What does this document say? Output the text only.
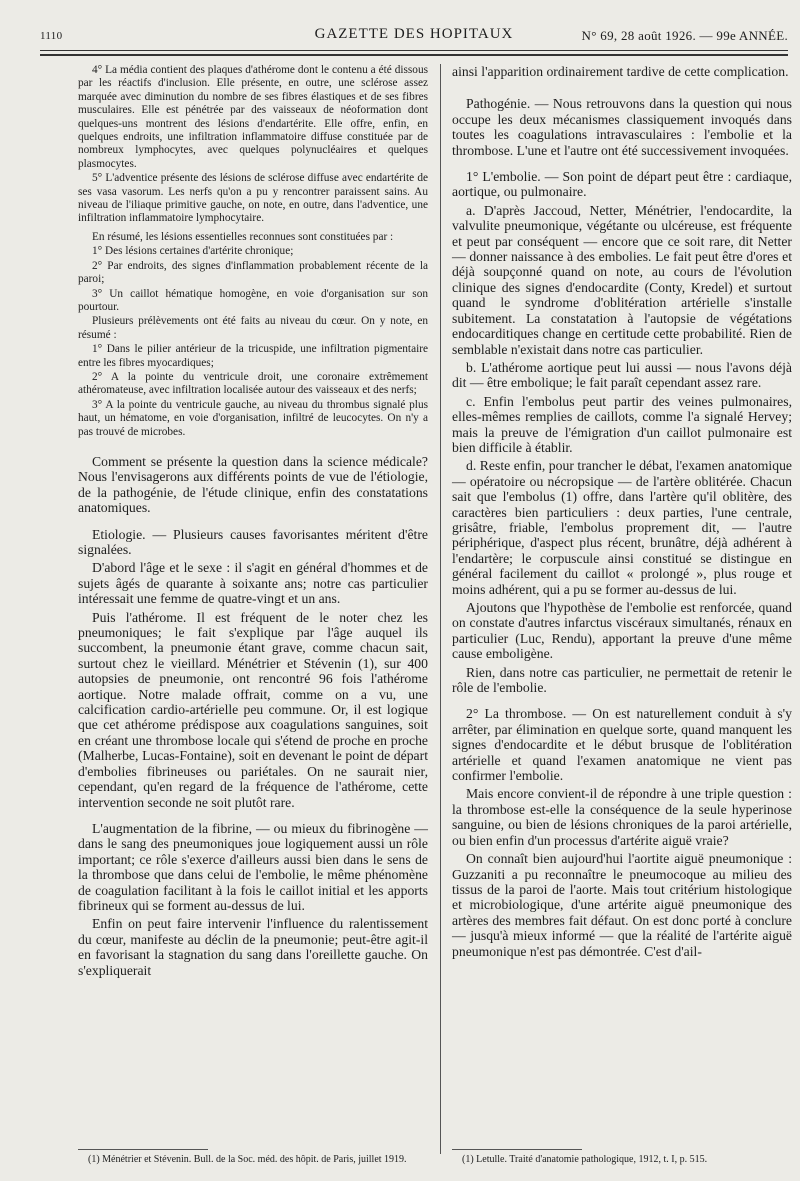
1110	GAZETTE DES HOPITAUX	N° 69, 28 août 1926. — 99e ANNÉE.

4° La média contient des plaques d'athérome dont le contenu a été dissous par les réactifs d'inclusion. Elle présente, en outre, une sclérose assez marquée avec diminution du nombre de ses fibres élastiques et de ses fibres musculaires. Elle est pénétrée par des vaisseaux de néoformation dont quelques-uns montrent des lésions d'endartérite. Elle offre, enfin, en quelques endroits, une infiltration inflammatoire diffuse constituée par de nombreux lymphocytes, avec quelques polynucléaires et quelques plasmocytes.

5° L'adventice présente des lésions de sclérose diffuse avec endartérite de ses vasa vasorum. Les nerfs qu'on a pu y rencontrer paraissent sains. Au niveau de l'iliaque primitive gauche, on note, en outre, dans l'adventice, une infiltration inflammatoire lymphocytaire.

En résumé, les lésions essentielles reconnues sont constituées par :

1° Des lésions certaines d'artérite chronique;

2° Par endroits, des signes d'inflammation probablement récente de la paroi;

3° Un caillot hématique homogène, en voie d'organisation sur son pourtour.

Plusieurs prélèvements ont été faits au niveau du cœur. On y note, en résumé :

1° Dans le pilier antérieur de la tricuspide, une infiltration pigmentaire entre les fibres myocardiques;

2° A la pointe du ventricule droit, une coronaire extrêmement athéromateuse, avec infiltration localisée autour des vaisseaux et des nerfs;

3° A la pointe du ventricule gauche, au niveau du thrombus signalé plus haut, un hématome, en voie d'organisation, infiltré de leucocytes. On n'y a pas trouvé de microbes.

Comment se présente la question dans la science médicale? Nous l'envisagerons aux différents points de vue de l'étiologie, de la pathogénie, de l'étude clinique, enfin des constatations anatomiques.

Etiologie. — Plusieurs causes favorisantes méritent d'être signalées.

D'abord l'âge et le sexe : il s'agit en général d'hommes et de sujets âgés de quarante à soixante ans; notre cas particulier intéressait une femme de quatre-vingt et un ans.

Puis l'athérome. Il est fréquent de le noter chez les pneumoniques; le fait s'explique par l'âge auquel ils succombent, la pneumonie étant grave, comme chacun sait, surtout chez le vieillard. Ménétrier et Stévenin (1), sur 400 autopsies de pneumonie, ont rencontré 96 fois l'athérome aortique. Notre malade offrait, comme on a vu, une calcification cardio-artérielle peu commune. Or, il est logique que cet athérome prédispose aux coagulations sanguines, soit en créant une thrombose locale qui s'étend de proche en proche (Malherbe, Lucas-Fontaine), soit en devenant le point de départ d'embolies fibrineuses ou pariétales. On ne saurait nier, cependant, qu'en regard de la fréquence de l'athérome, cette intervention seconde ne soit plutôt rare.

L'augmentation de la fibrine, — ou mieux du fibrinogène — dans le sang des pneumoniques joue logiquement aussi un rôle important; ce rôle s'exerce d'ailleurs aussi bien dans le sens de la thrombose que dans celui de l'embolie, le même phénomène de coagulation facilitant à la fois le caillot initial et les apports fibrineux qui se forment au-dessus de lui.

Enfin on peut faire intervenir l'influence du ralentissement du cœur, manifeste au déclin de la pneumonie; peut-être agit-il en favorisant la stagnation du sang dans l'oreillette gauche. On s'expliquerait

(1) Ménétrier et Stévenin. Bull. de la Soc. méd. des hôpit. de Paris, juillet 1919.

ainsi l'apparition ordinairement tardive de cette complication.

Pathogénie. — Nous retrouvons dans la question qui nous occupe les deux mécanismes classiquement invoqués dans toutes les coagulations intravasculaires : l'embolie et la thrombose. L'une et l'autre ont été successivement invoquées.

1° L'embolie. — Son point de départ peut être : cardiaque, aortique, ou pulmonaire.

a. D'après Jaccoud, Netter, Ménétrier, l'endocardite, la valvulite pneumonique, végétante ou ulcéreuse, est fréquente et peut par conséquent — encore que ce soit rare, dit Netter — donner naissance à des embolies. Le fait peut être d'ores et déjà soupçonné quand on note, au cours de l'évolution clinique des signes d'endocardite (Conty, Kredel) et surtout quand le syndrome d'oblitération artérielle s'installe subitement. La constatation à l'autopsie de végétations endocarditiques change en certitude cette probabilité. Rien de semblable n'existait dans notre cas particulier.

b. L'athérome aortique peut lui aussi — nous l'avons déjà dit — être embolique; le fait paraît cependant assez rare.

c. Enfin l'embolus peut partir des veines pulmonaires, elles-mêmes remplies de caillots, comme l'a signalé Hervey; mais la preuve de l'émigration d'un caillot pulmonaire est bien difficile à établir.

d. Reste enfin, pour trancher le débat, l'examen anatomique — opératoire ou nécropsique — de l'artère oblitérée. Chacun sait que l'embolus (1) offre, dans l'artère qu'il oblitère, des caractères bien particuliers : deux parties, l'une centrale, grisâtre, friable, l'embolus proprement dit, — l'autre périphérique, d'aspect plus récent, brunâtre, déjà adhérent à l'endartère; le corpuscule ainsi constitué se distingue en général facilement du caillot « prolongé », plus rouge et moins adhérent, qui a pu se former au-dessus de lui.

Ajoutons que l'hypothèse de l'embolie est renforcée, quand on constate d'autres infarctus viscéraux simultanés, rénaux en particulier (Luc, Rendu), apportant la preuve d'une même cause emboligène.

Rien, dans notre cas particulier, ne permettait de retenir le rôle de l'embolie.

2° La thrombose. — On est naturellement conduit à s'y arrêter, par élimination en quelque sorte, quand manquent les signes d'endocardite et le début brusque de l'oblitération artérielle et quand l'examen anatomique ne vient pas confirmer l'embolie.

Mais encore convient-il de répondre à une triple question : la thrombose est-elle la conséquence de la seule hyperinose sanguine, ou bien de lésions chroniques de la paroi artérielle, ou bien enfin d'un processus d'artérite aiguë vraie?

On connaît bien aujourd'hui l'aortite aiguë pneumonique : Guzzaniti a pu reconnaître le pneumocoque au milieu des tissus de la paroi de l'aorte. Mais tout critérium histologique et microbiologique, d'une artérite aiguë pneumonique des artères des membres fait défaut. On est donc porté à conclure — jusqu'à mieux informé — que la réalité de l'artérite aiguë pneumonique n'est pas démontrée. C'est d'ail-

(1) Letulle. Traité d'anatomie pathologique, 1912, t. I, p. 515.
